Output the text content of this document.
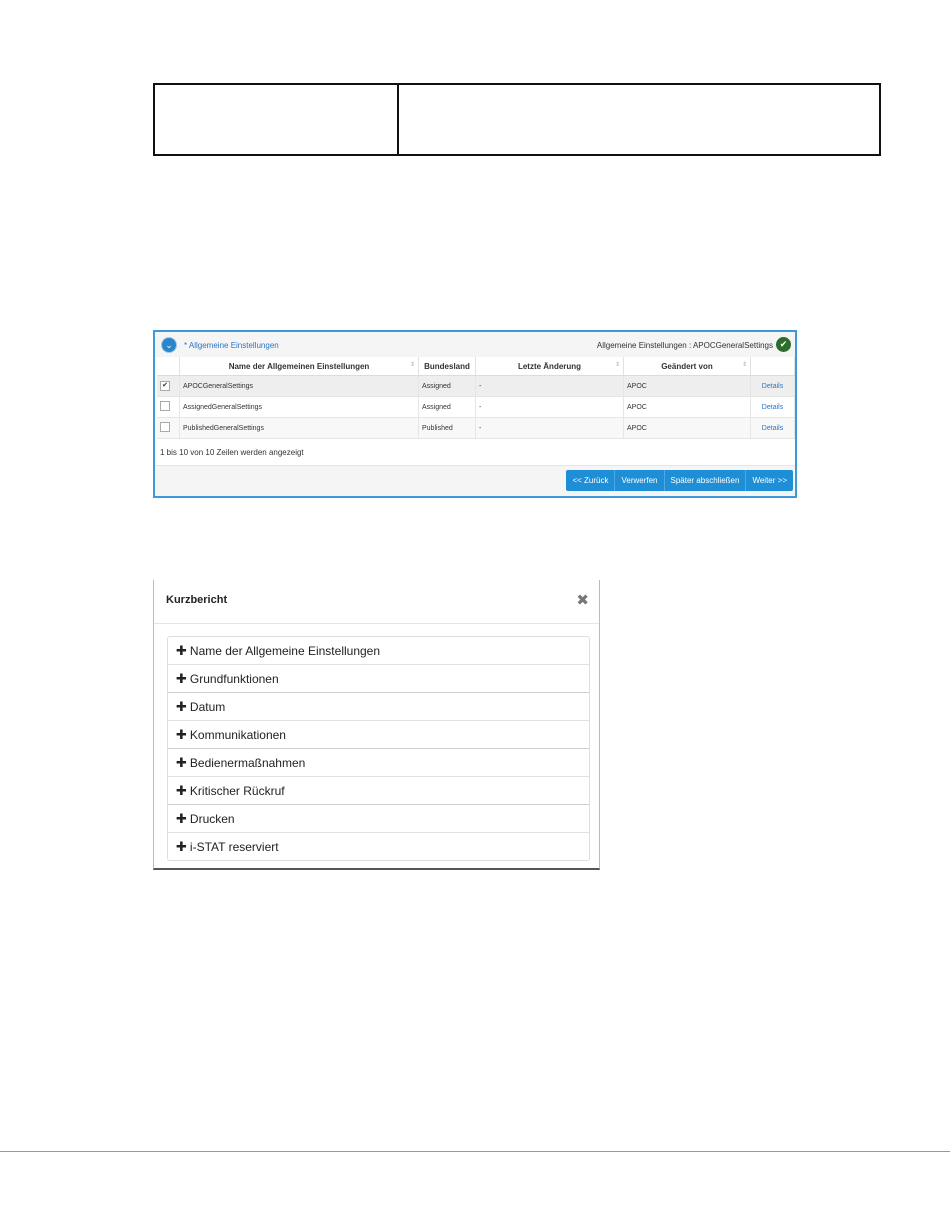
⌄	* Allgemeine Einstellungen	Allgemeine Einstellungen : APOCGeneralSettings ✔
	Name der Allgemeinen Einstellungen ⇕	Bundesland	Letzte Änderung ⇕	Geändert von ⇕	

✔	APOCGeneralSettings	Assigned	-	APOC	Details
	AssignedGeneralSettings	Assigned	-	APOC	Details
	PublishedGeneralSettings	Published	-	APOC	Details
1 bis 10 von 10 Zeilen werden angezeigt
<< Zurück	Verwerfen	Später abschließen	Weiter >>
Kurzbericht	✖
✚ Name der Allgemeine Einstellungen
✚ Grundfunktionen
✚ Datum
✚ Kommunikationen
✚ Bedienermaßnahmen
✚ Kritischer Rückruf
✚ Drucken
✚ i-STAT reserviert
